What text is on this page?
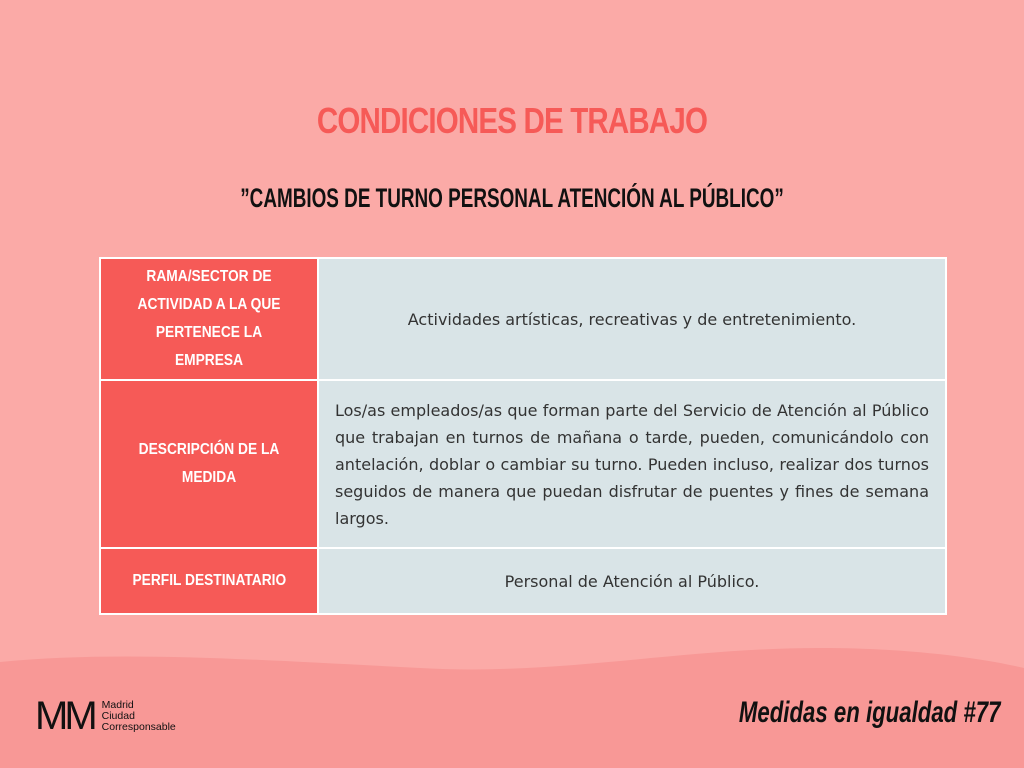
CONDICIONES DE TRABAJO
”CAMBIOS DE TURNO PERSONAL ATENCIÓN AL PÚBLICO”
RAMA/SECTOR DE ACTIVIDAD A LA QUE PERTENECE LA EMPRESA	Actividades artísticas, recreativas y de entretenimiento.
DESCRIPCIÓN DE LA MEDIDA	Los/as empleados/as que forman parte del Servicio de Atención al Público que trabajan en turnos de mañana o tarde, pueden, comunicándolo con antelación, doblar o cambiar su turno. Pueden incluso, realizar dos turnos seguidos de manera que puedan disfrutar de puentes y fines de semana largos.
PERFIL DESTINATARIO	Personal de Atención al Público.
MM Madrid
Ciudad
Corresponsable	Medidas en igualdad #77
